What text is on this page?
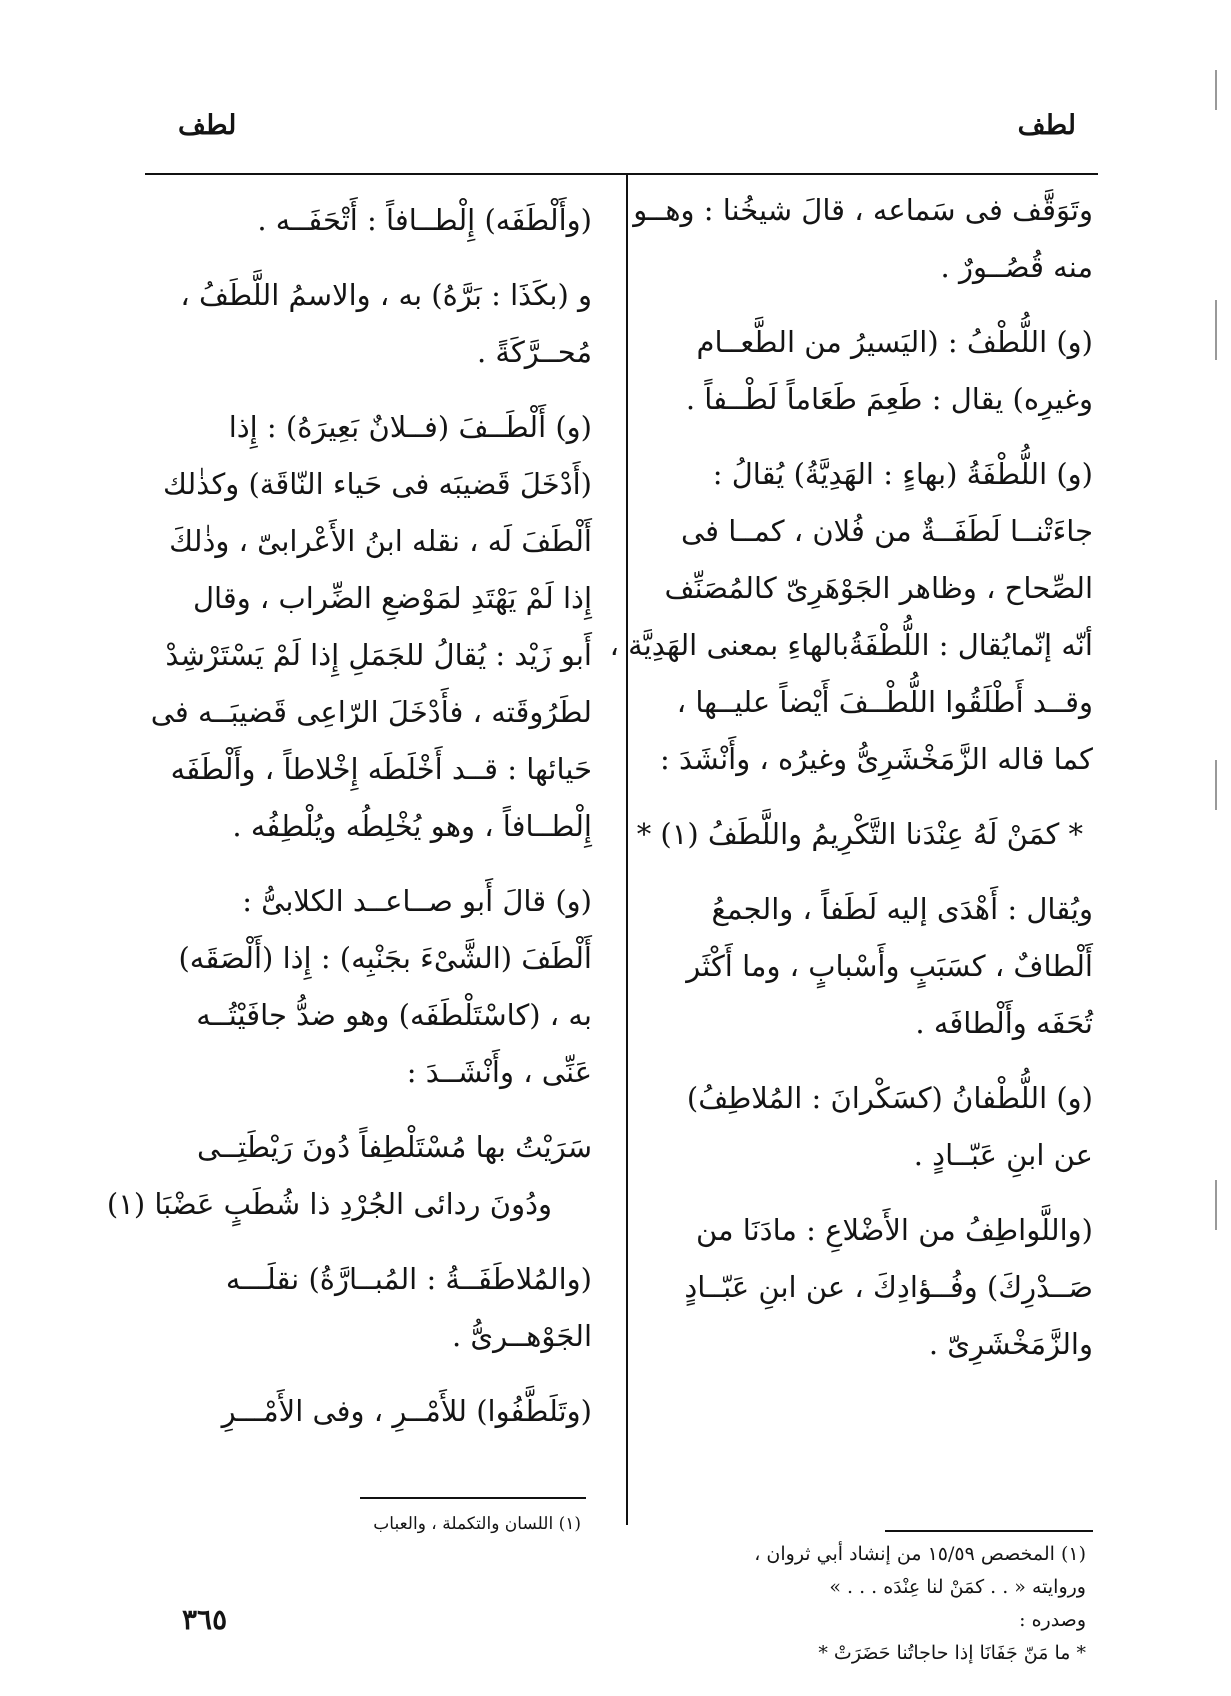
لطف
لطف
وتَوَقَّف فى سَماعه ، قالَ شيخُنا : وهــو
منه قُصُــورٌ .
(و) اللُّطْفُ : (اليَسيرُ من الطَّعــام
وغيرِه) يقال : طَعِمَ طَعَاماً لَطْــفاً .
(و) اللُّطْفَةُ (بهاءٍ : الهَدِيَّةُ) يُقالُ :
جاءَتْنــا لَطَفَــةٌ من فُلان ، كمــا فى
الصِّحاح ، وظاهر الجَوْهَرِىّ كالمُصَنِّف
أنّه إنّمايُقال : اللُّطْفَةُبالهاءِ بمعنى الهَدِيَّة ،
وقــد أَطْلَقُوا اللُّطْــفَ أَيْضاً عليــها ،
كما قاله الزَّمَخْشَرِىُّ وغيرُه ، وأَنْشَدَ :
* كمَنْ لَهُ عِنْدَنا التَّكْرِيمُ واللَّطَفُ (١) *
ويُقال : أَهْدَى إليه لَطَفاً ، والجمعُ
أَلْطافٌ ، كسَبَبٍ وأَسْبابٍ ، وما أَكْثَر
تُحَفَه وأَلْطافَه .
(و) اللُّطْفانُ (كسَكْرانَ : المُلاطِفُ)
عن ابنِ عَبّــادٍ .
(واللَّواطِفُ من الأَضْلاعِ : مادَنَا من
صَــدْرِكَ) وفُــؤادِكَ ، عن ابنِ عَبّــادٍ
والزَّمَخْشَرِىّ .
(وأَلْطَفَه) إِلْطــافاً : أَتْحَفَــه .
و (بكَذَا : بَرَّهُ) به ، والاسمُ اللَّطَفُ ،
مُحــرَّكَةً .
(و) أَلْطَــفَ (فــلانٌ بَعِيرَهُ) : إِذا
(أَدْخَلَ قَضيبَه فى حَياء النّاقَة) وكذٰلك
أَلْطَفَ لَه ، نقله ابنُ الأَعْرابىّ ، وذٰلكَ
إِذا لَمْ يَهْتَدِ لمَوْضعِ الضِّراب ، وقال
أَبو زَيْد : يُقالُ للجَمَلِ إِذا لَمْ يَسْتَرْشِدْ
لطَرُوقَته ، فأَدْخَلَ الرّاعِى قَضيبَــه فى
حَيائها : قــد أَخْلَطَه إِخْلاطاً ، وأَلْطَفَه
إِلْطــافاً ، وهو يُخْلِطُه ويُلْطِفُه .
(و) قالَ أَبو صــاعــد الكلابىُّ :
أَلْطَفَ (الشَّىْءَ بجَنْبِه) : إِذا (أَلْصَقَه)
به ، (كاسْتَلْطَفَه) وهو ضدُّ جافَيْتُــه
عَنِّى ، وأَنْشَــدَ :
سَرَيْتُ بها مُسْتَلْطِفاً دُونَ رَيْطَتِــى
ودُونَ ردائى الجُرْدِ ذا شُطَبٍ عَضْبَا (١)
(والمُلاطَفَــةُ : المُبــارَّةُ) نقلَـــه
الجَوْهــرىُّ .
(وتَلَطَّفُوا) للأَمْــرِ ، وفى الأَمْـــرِ
(١) المخصص ١٥/٥٩ من إنشاد أبي ثروان ،
وروايته « . . كمَنْ لنا عِنْدَه . . . »
وصدره :
* ما مَنّ جَفَانَا إذا حاجاتُنا حَضَرَتْ *
(١) اللسان والتكملة ، والعباب
٣٦٥
